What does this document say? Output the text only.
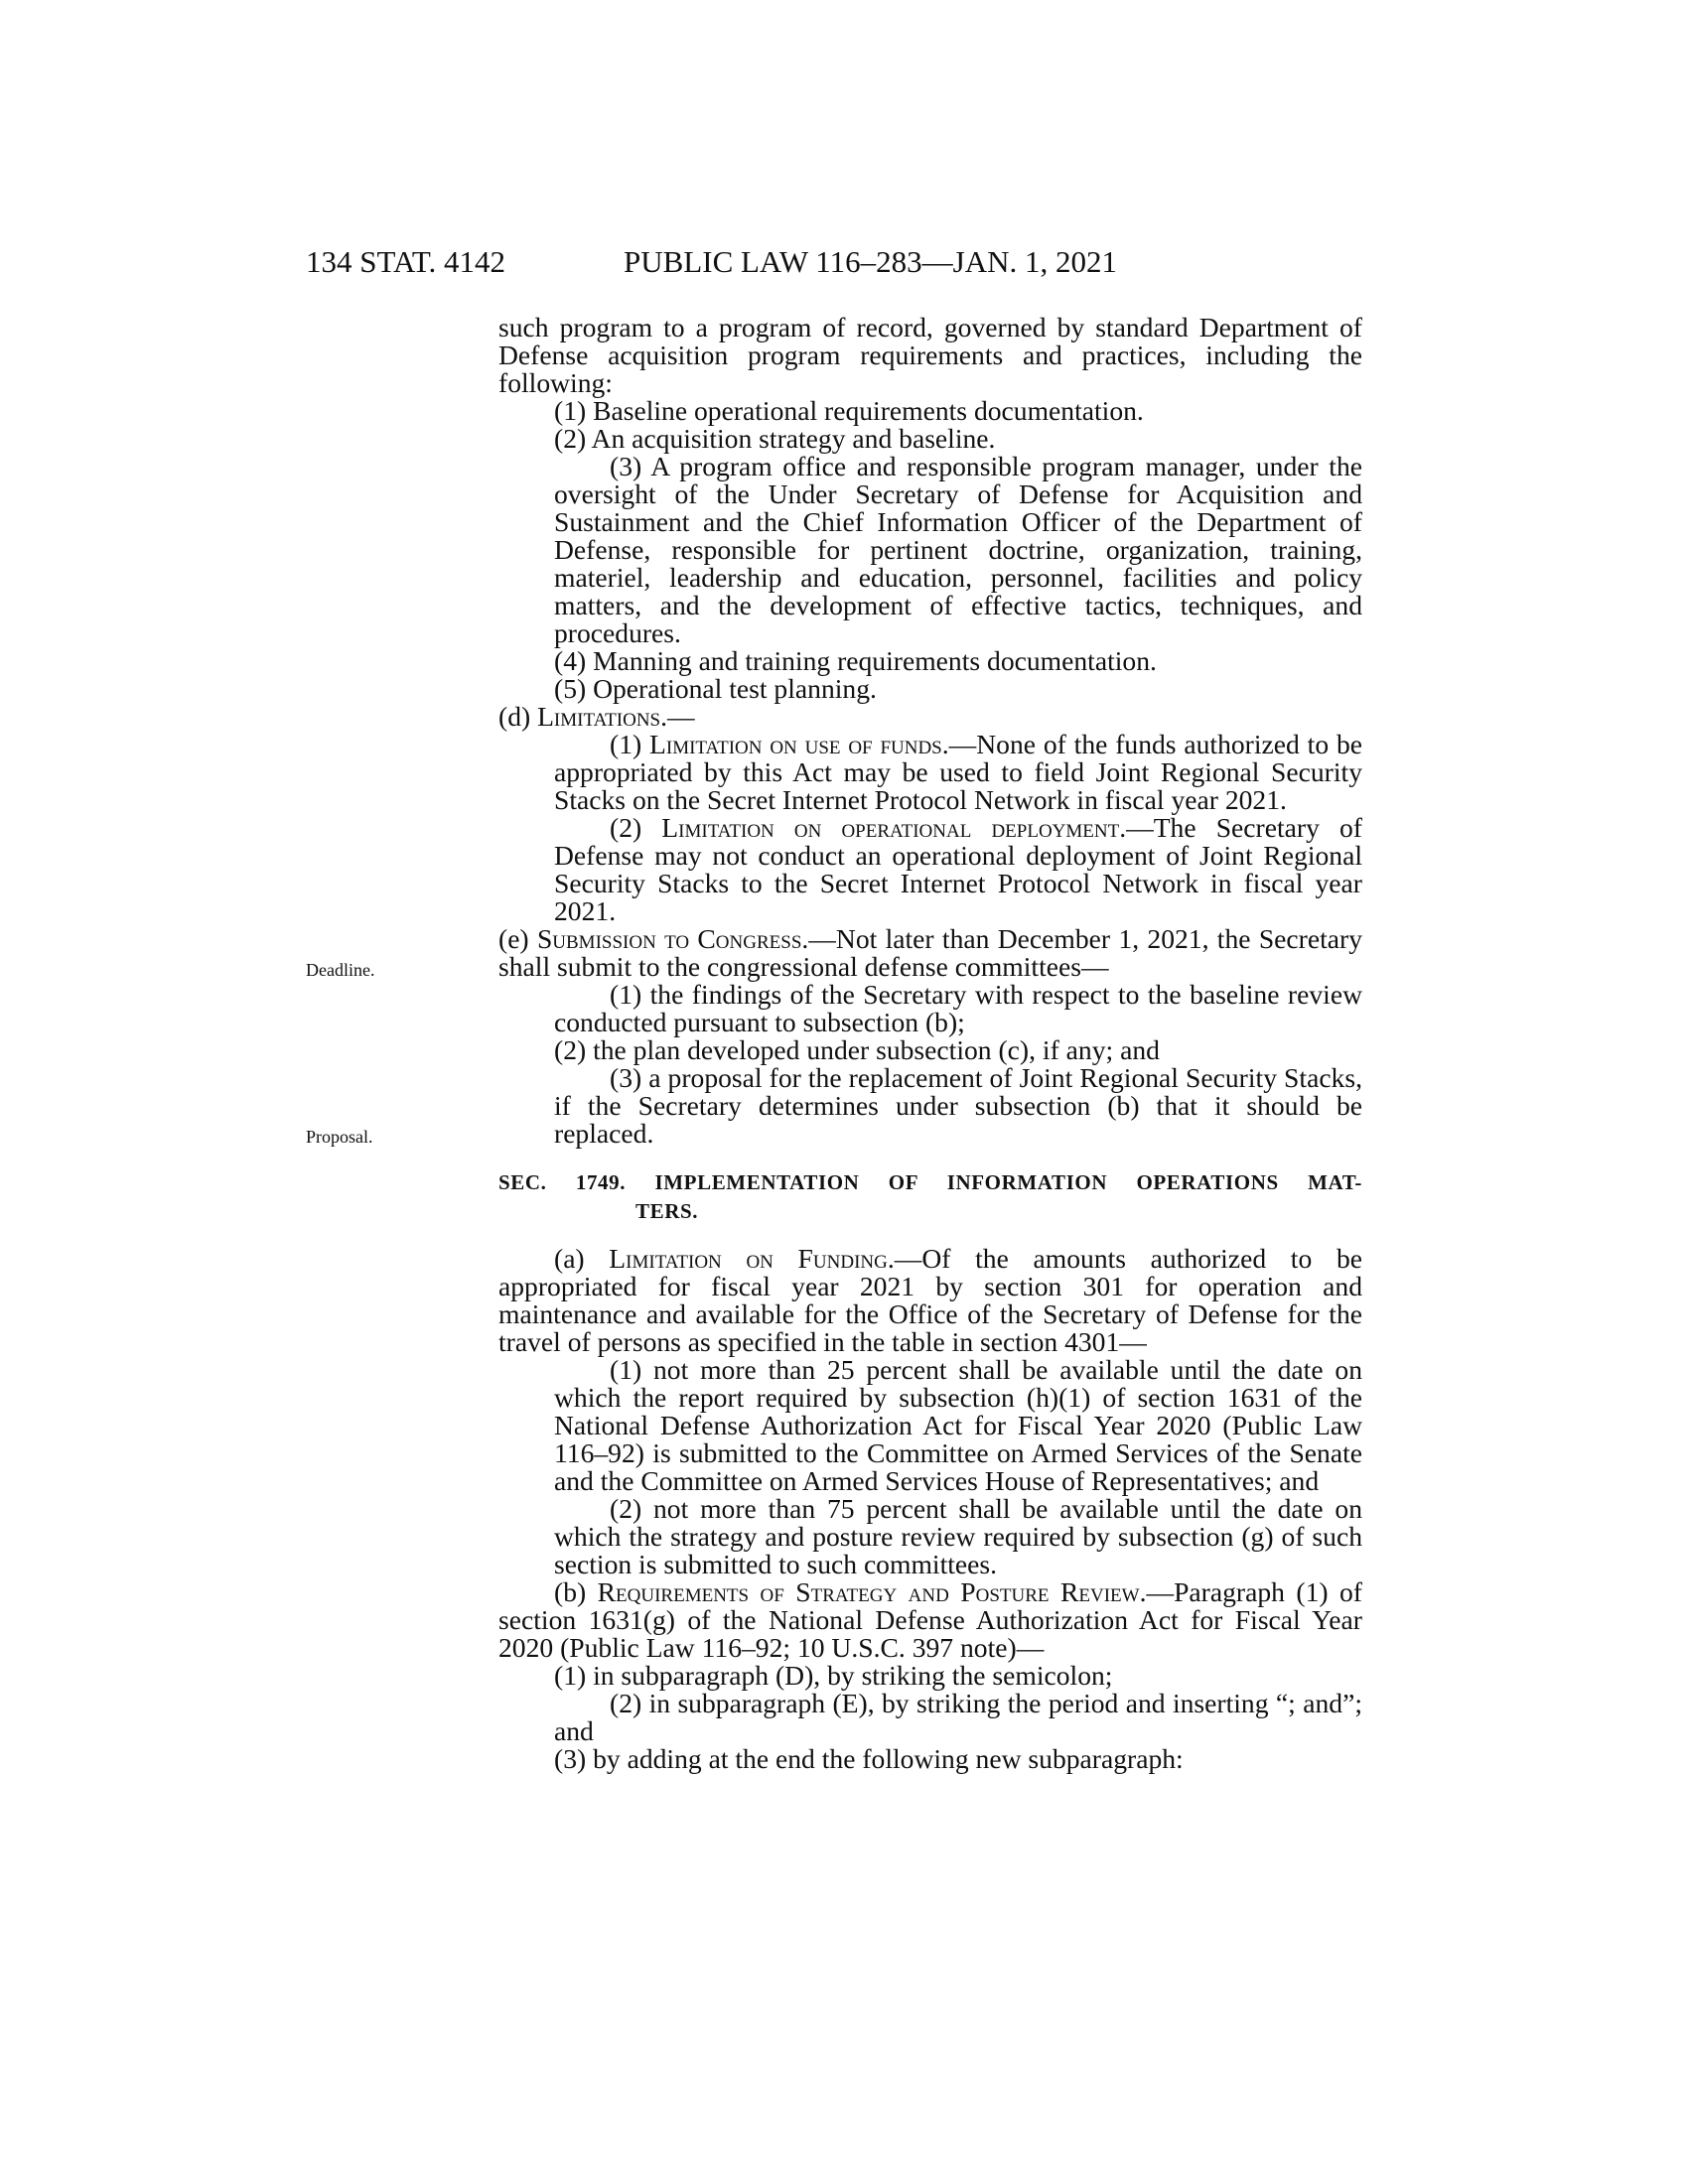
134 STAT. 4142	PUBLIC LAW 116–283—JAN. 1, 2021
Deadline.
Proposal.
such program to a program of record, governed by standard Department of Defense acquisition program requirements and practices, including the following:
(1) Baseline operational requirements documentation.
(2) An acquisition strategy and baseline.
(3) A program office and responsible program manager, under the oversight of the Under Secretary of Defense for Acquisition and Sustainment and the Chief Information Officer of the Department of Defense, responsible for pertinent doctrine, organization, training, materiel, leadership and education, personnel, facilities and policy matters, and the development of effective tactics, techniques, and procedures.
(4) Manning and training requirements documentation.
(5) Operational test planning.
(d) Limitations.—
(1) Limitation on use of funds.—None of the funds authorized to be appropriated by this Act may be used to field Joint Regional Security Stacks on the Secret Internet Protocol Network in fiscal year 2021.
(2) Limitation on operational deployment.—The Secretary of Defense may not conduct an operational deployment of Joint Regional Security Stacks to the Secret Internet Protocol Network in fiscal year 2021.
(e) Submission to Congress.—Not later than December 1, 2021, the Secretary shall submit to the congressional defense committees—
(1) the findings of the Secretary with respect to the baseline review conducted pursuant to subsection (b);
(2) the plan developed under subsection (c), if any; and
(3) a proposal for the replacement of Joint Regional Security Stacks, if the Secretary determines under subsection (b) that it should be replaced.
SEC. 1749. IMPLEMENTATION OF INFORMATION OPERATIONS MAT-
TERS.
(a) Limitation on Funding.—Of the amounts authorized to be appropriated for fiscal year 2021 by section 301 for operation and maintenance and available for the Office of the Secretary of Defense for the travel of persons as specified in the table in section 4301—
(1) not more than 25 percent shall be available until the date on which the report required by subsection (h)(1) of section 1631 of the National Defense Authorization Act for Fiscal Year 2020 (Public Law 116–92) is submitted to the Committee on Armed Services of the Senate and the Committee on Armed Services House of Representatives; and
(2) not more than 75 percent shall be available until the date on which the strategy and posture review required by subsection (g) of such section is submitted to such committees.
(b) Requirements of Strategy and Posture Review.—Paragraph (1) of section 1631(g) of the National Defense Authorization Act for Fiscal Year 2020 (Public Law 116–92; 10 U.S.C. 397 note)—
(1) in subparagraph (D), by striking the semicolon;
(2) in subparagraph (E), by striking the period and inserting “; and”; and
(3) by adding at the end the following new subparagraph:
